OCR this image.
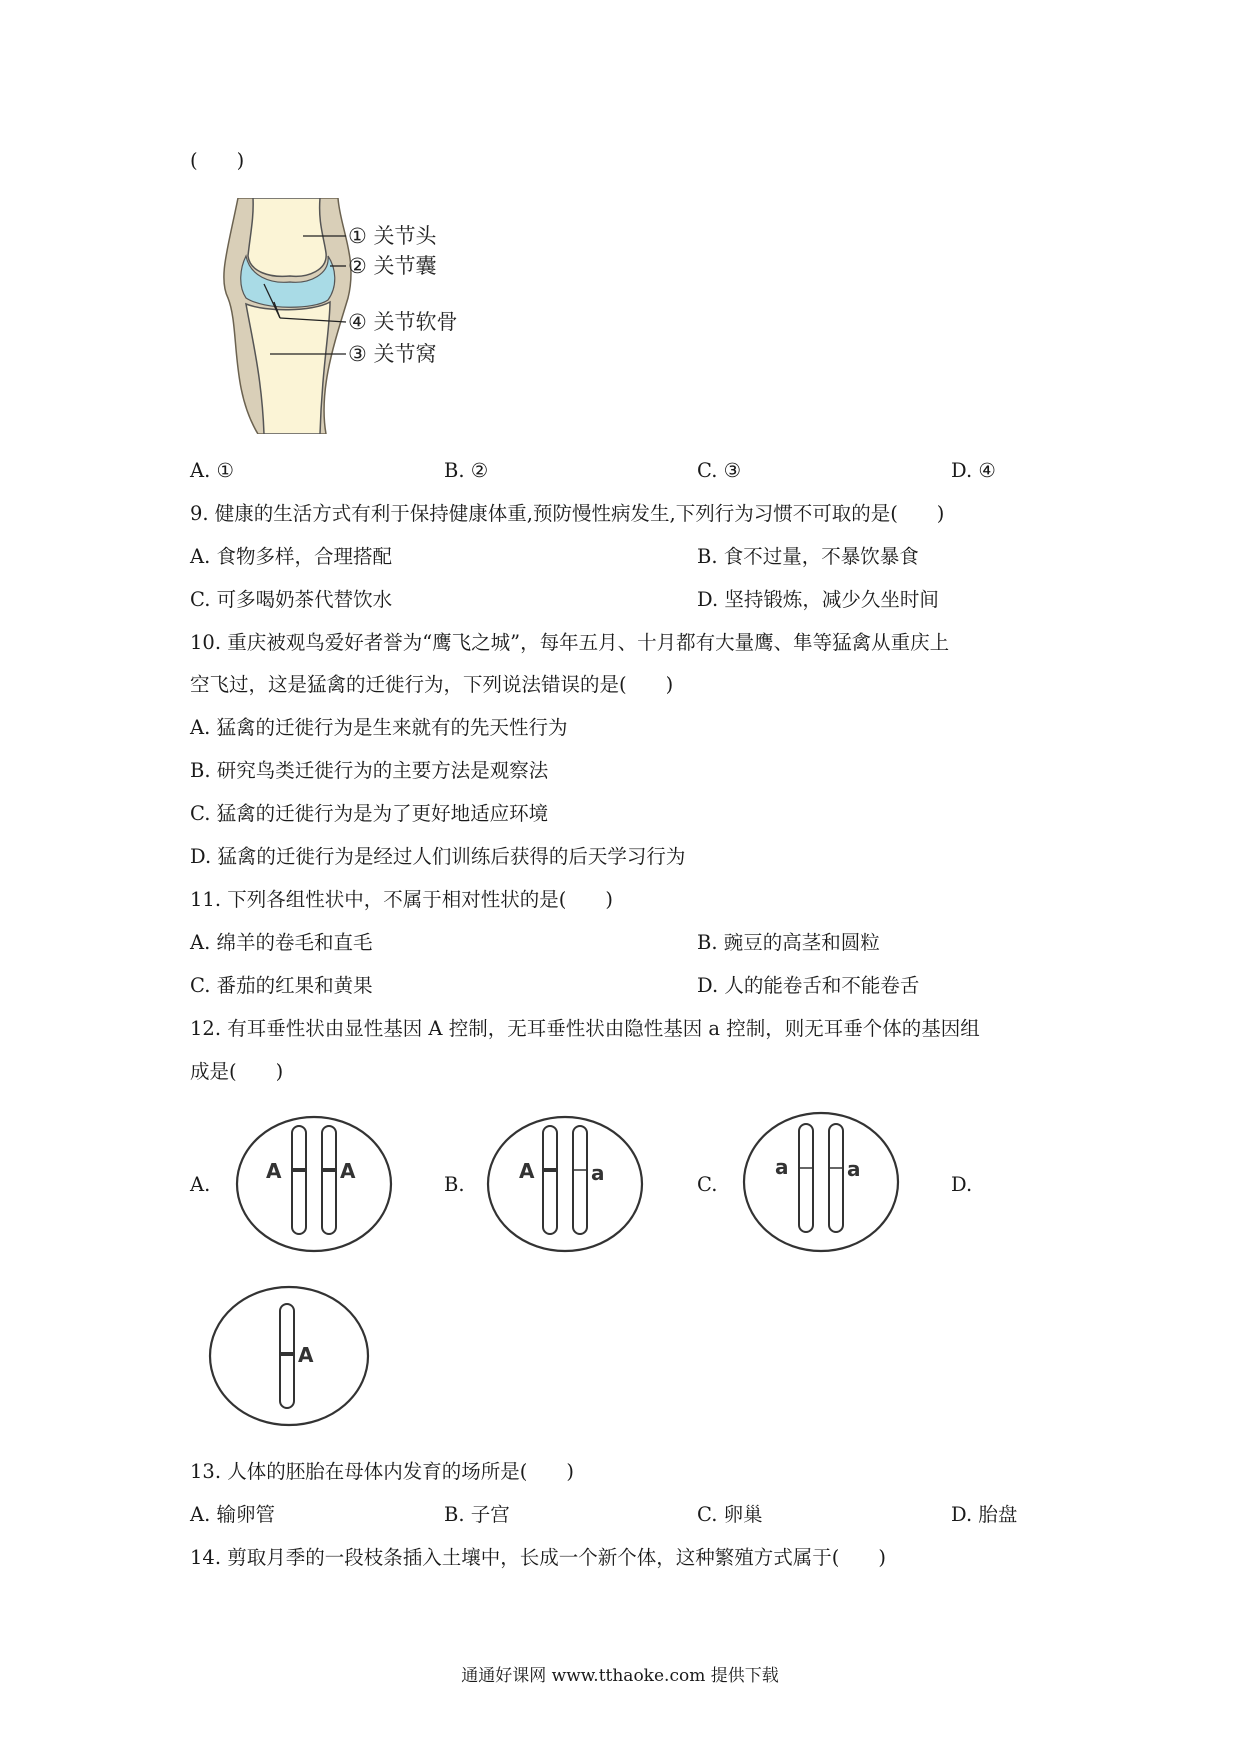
(　　)
① 关节头
② 关节囊
④ 关节软骨
③ 关节窝
A. ①	B. ②	C. ③	D. ④
9. 健康的生活方式有利于保持健康体重,预防慢性病发生,下列行为习惯不可取的是(　　)
A. 食物多样，合理搭配	B. 食不过量，不暴饮暴食
C. 可多喝奶茶代替饮水	D. 坚持锻炼，减少久坐时间
10. 重庆被观鸟爱好者誉为“鹰飞之城”，每年五月、十月都有大量鹰、隼等猛禽从重庆上
空飞过，这是猛禽的迁徙行为，下列说法错误的是(　　)
A. 猛禽的迁徙行为是生来就有的先天性行为
B. 研究鸟类迁徙行为的主要方法是观察法
C. 猛禽的迁徙行为是为了更好地适应环境
D. 猛禽的迁徙行为是经过人们训练后获得的后天学习行为
11. 下列各组性状中，不属于相对性状的是(　　)
A. 绵羊的卷毛和直毛	B. 豌豆的高茎和圆粒
C. 番茄的红果和黄果	D. 人的能卷舌和不能卷舌
12. 有耳垂性状由显性基因 A 控制，无耳垂性状由隐性基因 a 控制，则无耳垂个体的基因组
成是(　　)
A.	B.	C.	D.
A	A	A	a	a	a
A
13. 人体的胚胎在母体内发育的场所是(　　)
A. 输卵管	B. 子宫	C. 卵巢	D. 胎盘
14. 剪取月季的一段枝条插入土壤中，长成一个新个体，这种繁殖方式属于(　　)
通通好课网 www.tthaoke.com 提供下载
